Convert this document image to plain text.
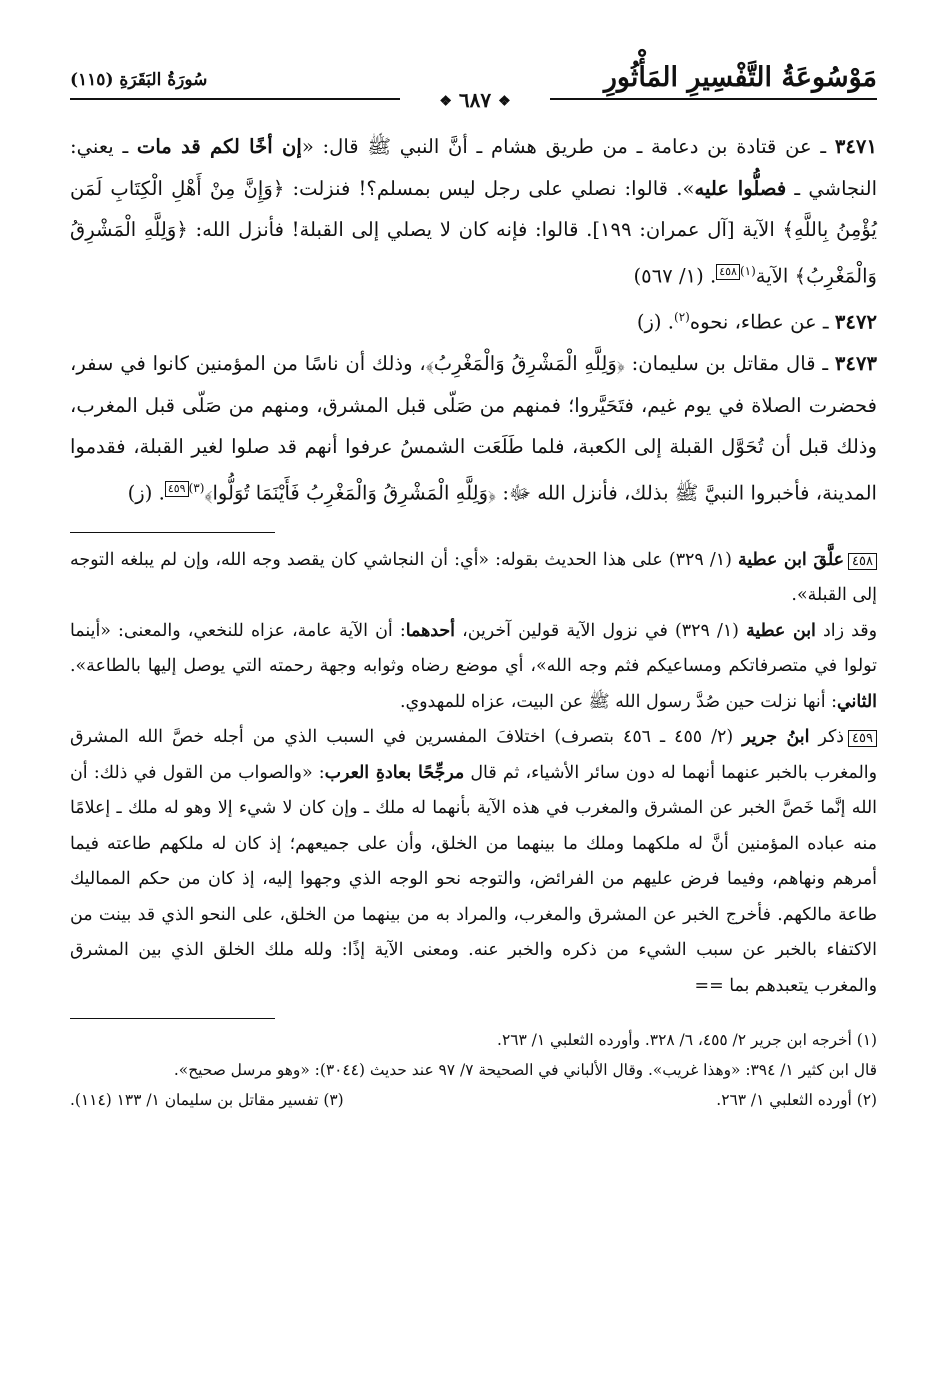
مَوْسُوعَةُ التَّفْسِيرِ المَأْثُورِ
سُورَةُ البَقَرَةِ (١١٥)
❖ ٦٨٧ ❖

٣٤٧١ ـ عن قتادة بن دعامة ـ من طريق هشام ـ أنَّ النبي ﷺ قال: «إن أخًا لكم قد مات ـ يعني: النجاشي ـ فصلُّوا عليه». قالوا: نصلي على رجل ليس بمسلم؟! فنزلت: ﴿وَإِنَّ مِنْ أَهْلِ الْكِتَابِ لَمَن يُؤْمِنُ بِاللَّهِ﴾ الآية [آل عمران: ١٩٩]. قالوا: فإنه كان لا يصلي إلى القبلة! فأنزل الله: ﴿وَلِلَّهِ الْمَشْرِقُ وَالْمَغْرِبُ﴾ الآية$^{(١)}$٤٥٨. (١/ ٥٦٧)

٣٤٧٢ ـ عن عطاء، نحوه$^{(٢)}$. (ز)

٣٤٧٣ ـ قال مقاتل بن سليمان: ﴿وَلِلَّهِ الْمَشْرِقُ وَالْمَغْرِبُ﴾، وذلك أن ناسًا من المؤمنين كانوا في سفر، فحضرت الصلاة في يوم غيم، فتَحَيَّروا؛ فمنهم من صَلّى قبل المشرق، ومنهم من صَلّى قبل المغرب، وذلك قبل أن تُحَوَّل القبلة إلى الكعبة، فلما طَلَعَت الشمسُ عرفوا أنهم قد صلوا لغير القبلة، فقدموا المدينة، فأخبروا النبيَّ ﷺ بذلك، فأنزل الله ﷻ: ﴿وَلِلَّهِ الْمَشْرِقُ وَالْمَغْرِبُ فَأَيْنَمَا تُوَلُّوا﴾$^{(٣)}$٤٥٩. (ز)

٤٥٨علَّقَ ابن عطية (١/ ٣٢٩) على هذا الحديث بقوله: «أي: أن النجاشي كان يقصد وجه الله، وإن لم يبلغه التوجه إلى القبلة».

وقد زاد ابن عطية (١/ ٣٢٩) في نزول الآية قولين آخرين، أحدهما: أن الآية عامة، عزاه للنخعي، والمعنى: «أينما تولوا في متصرفاتكم ومساعيكم فثم وجه الله»، أي موضع رضاه وثوابه وجهة رحمته التي يوصل إليها بالطاعة». الثاني: أنها نزلت حين صُدَّ رسول الله ﷺ عن البيت، عزاه للمهدوي.

٤٥٩ذكر ابنُ جرير (٢/ ٤٥٥ ـ ٤٥٦ بتصرف) اختلافَ المفسرين في السبب الذي من أجله خصَّ الله المشرق والمغرب بالخبر عنهما أنهما له دون سائر الأشياء، ثم قال مرجِّحًا بعادةِ العرب: «والصواب من القول في ذلك: أن الله إنَّما خَصَّ الخبر عن المشرق والمغرب في هذه الآية بأنهما له ملك ـ وإن كان لا شيء إلا وهو له ملك ـ إعلامًا منه عباده المؤمنين أنَّ له ملكهما وملك ما بينهما من الخلق، وأن على جميعهم؛ إذ كان له ملكهم طاعته فيما أمرهم ونهاهم، وفيما فرض عليهم من الفرائض، والتوجه نحو الوجه الذي وجهوا إليه، إذ كان من حكم المماليك طاعة مالكهم. فأخرج الخبر عن المشرق والمغرب، والمراد به من بينهما من الخلق، على النحو الذي قد بينت من الاكتفاء بالخبر عن سبب الشيء من ذكره والخبر عنه. ومعنى الآية إذًا: ولله ملك الخلق الذي بين المشرق والمغرب يتعبدهم بما ==

(١) أخرجه ابن جرير ٢/ ٤٥٥، ٦/ ٣٢٨. وأورده الثعلبي ١/ ٢٦٣.

قال ابن كثير ١/ ٣٩٤: «وهذا غريب». وقال الألباني في الصحيحة ٧/ ٩٧ عند حديث (٣٠٤٤): «وهو مرسل صحيح».

(٢) أورده الثعلبي ١/ ٢٦٣.
(٣) تفسير مقاتل بن سليمان ١/ ١٣٣ (١١٤).
